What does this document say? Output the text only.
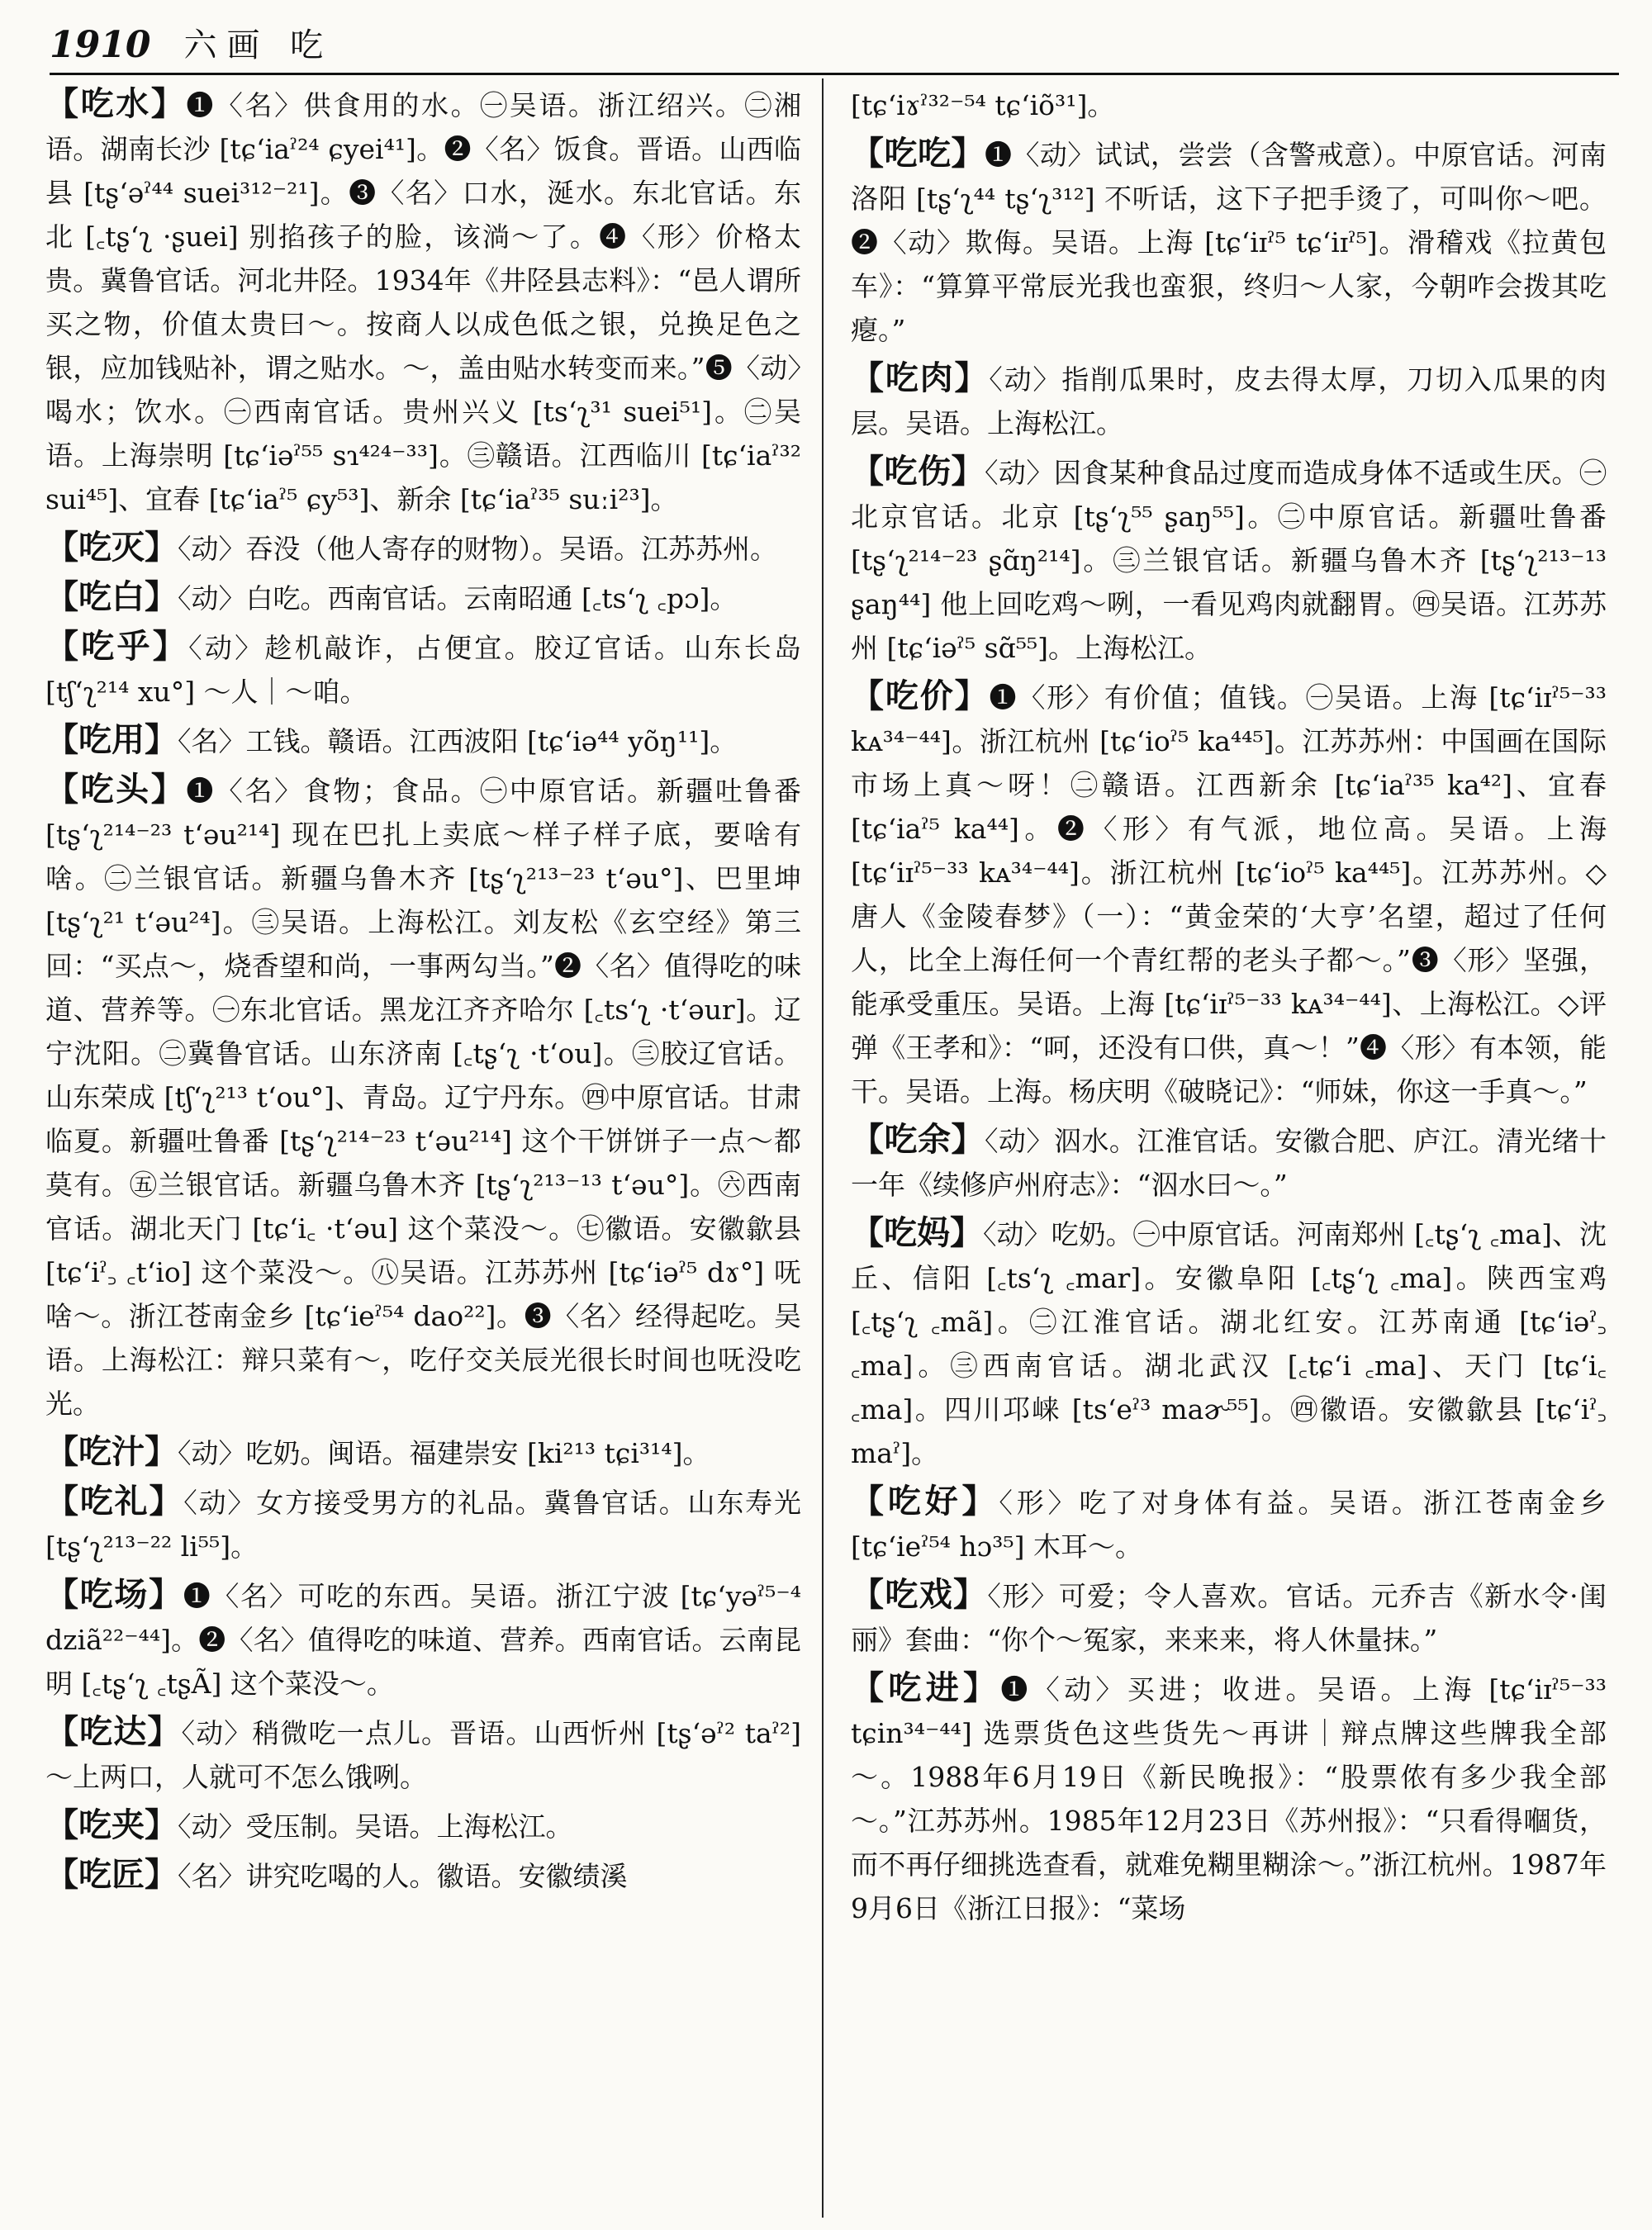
1910 六画 吃

【吃水】❶〈名〉供食用的水。㊀吴语。浙江绍兴。㊁湘语。湖南长沙 [tɕʻiaˀ²⁴ ɕyei⁴¹]。❷〈名〉饭食。晋语。山西临县 [tʂʻəˀ⁴⁴ suei³¹²⁻²¹]。❸〈名〉口水，涎水。东北官话。东北 [꜀tʂʻʅ ·ʂuei] 别掐孩子的脸，该淌～了。❹〈形〉价格太贵。冀鲁官话。河北井陉。1934年《井陉县志料》：“邑人谓所买之物，价值太贵曰～。按商人以成色低之银，兑换足色之银，应加钱贴补，谓之贴水。～，盖由贴水转变而来。”❺〈动〉喝水；饮水。㊀西南官话。贵州兴义 [tsʻʅ³¹ suei⁵¹]。㊁吴语。上海崇明 [tɕʻiəˀ⁵⁵ sɿ⁴²⁴⁻³³]。㊂赣语。江西临川 [tɕʻiaˀ³² sui⁴⁵]、宜春 [tɕʻiaˀ⁵ ɕy⁵³]、新余 [tɕʻiaˀ³⁵ suːi²³]。

【吃灭】〈动〉吞没（他人寄存的财物）。吴语。江苏苏州。

【吃白】〈动〉白吃。西南官话。云南昭通 [꜀tsʻʅ ꜀pɔ]。

【吃乎】〈动〉趁机敲诈，占便宜。胶辽官话。山东长岛 [tʃʻʅ²¹⁴ xu°] ～人｜～咱。

【吃用】〈名〉工钱。赣语。江西波阳 [tɕʻiə⁴⁴ yõŋ¹¹]。

【吃头】❶〈名〉食物；食品。㊀中原官话。新疆吐鲁番 [tʂʻʅ²¹⁴⁻²³ tʻəu²¹⁴] 现在巴扎上卖底～样子样子底，要啥有啥。㊁兰银官话。新疆乌鲁木齐 [tʂʻʅ²¹³⁻²³ tʻəu°]、巴里坤 [tʂʻʅ²¹ tʻəu²⁴]。㊂吴语。上海松江。刘友松《玄空经》第三回：“买点～，烧香望和尚，一事两勾当。”❷〈名〉值得吃的味道、营养等。㊀东北官话。黑龙江齐齐哈尔 [꜀tsʻʅ ·tʻəur]。辽宁沈阳。㊁冀鲁官话。山东济南 [꜀tʂʻʅ ·tʻou]。㊂胶辽官话。山东荣成 [tʃʻʅ²¹³ tʻou°]、青岛。辽宁丹东。㊃中原官话。甘肃临夏。新疆吐鲁番 [tʂʻʅ²¹⁴⁻²³ tʻəu²¹⁴] 这个干饼饼子一点～都莫有。㊄兰银官话。新疆乌鲁木齐 [tʂʻʅ²¹³⁻¹³ tʻəu°]。㊅西南官话。湖北天门 [tɕʻi꜀ ·tʻəu] 这个菜没～。㊆徽语。安徽歙县 [tɕʻiˀ꜆ ꜀tʻio] 这个菜没～。㊇吴语。江苏苏州 [tɕʻiəˀ⁵ dɤ°] 呒啥～。浙江苍南金乡 [tɕʻieˀ⁵⁴ dao²²]。❸〈名〉经得起吃。吴语。上海松江：辩只菜有～，吃仔交关辰光很长时间也呒没吃光。

【吃汁】〈动〉吃奶。闽语。福建崇安 [ki²¹³ tɕi³¹⁴]。

【吃礼】〈动〉女方接受男方的礼品。冀鲁官话。山东寿光 [tʂʻʅ²¹³⁻²² li⁵⁵]。

【吃场】❶〈名〉可吃的东西。吴语。浙江宁波 [tɕʻyəˀ⁵⁻⁴ dziã²²⁻⁴⁴]。❷〈名〉值得吃的味道、营养。西南官话。云南昆明 [꜀tʂʻʅ ꜀tʂÃ] 这个菜没～。

【吃达】〈动〉稍微吃一点儿。晋语。山西忻州 [tʂʻəˀ² taˀ²] ～上两口，人就可不怎么饿咧。

【吃夹】〈动〉受压制。吴语。上海松江。

【吃匠】〈名〉讲究吃喝的人。徽语。安徽绩溪

[tɕʻiɤˀ³²⁻⁵⁴ tɕʻiõ³¹]。

【吃吃】❶〈动〉试试，尝尝（含警戒意）。中原官话。河南洛阳 [tʂʻʅ⁴⁴ tʂʻʅ³¹²] 不听话，这下子把手烫了，可叫你～吧。❷〈动〉欺侮。吴语。上海 [tɕʻiɪˀ⁵ tɕʻiɪˀ⁵]。滑稽戏《拉黄包车》：“算算平常辰光我也蛮狠，终归～人家，今朝咋会拨其吃瘪。”

【吃肉】〈动〉指削瓜果时，皮去得太厚，刀切入瓜果的肉层。吴语。上海松江。

【吃伤】〈动〉因食某种食品过度而造成身体不适或生厌。㊀北京官话。北京 [tʂʻʅ⁵⁵ ʂaŋ⁵⁵]。㊁中原官话。新疆吐鲁番 [tʂʻʅ²¹⁴⁻²³ ʂɑ̃ŋ²¹⁴]。㊂兰银官话。新疆乌鲁木齐 [tʂʻʅ²¹³⁻¹³ ʂaŋ⁴⁴] 他上回吃鸡～咧，一看见鸡肉就翻胃。㊃吴语。江苏苏州 [tɕʻiəˀ⁵ sɑ̃⁵⁵]。上海松江。

【吃价】❶〈形〉有价值；值钱。㊀吴语。上海 [tɕʻiɪˀ⁵⁻³³ kᴀ³⁴⁻⁴⁴]。浙江杭州 [tɕʻioˀ⁵ ka⁴⁴⁵]。江苏苏州：中国画在国际市场上真～呀！㊁赣语。江西新余 [tɕʻiaˀ³⁵ ka⁴²]、宜春 [tɕʻiaˀ⁵ ka⁴⁴]。❷〈形〉有气派，地位高。吴语。上海 [tɕʻiɪˀ⁵⁻³³ kᴀ³⁴⁻⁴⁴]。浙江杭州 [tɕʻioˀ⁵ ka⁴⁴⁵]。江苏苏州。◇唐人《金陵春梦》（一）：“黄金荣的‘大亨’名望，超过了任何人，比全上海任何一个青红帮的老头子都～。”❸〈形〉坚强，能承受重压。吴语。上海 [tɕʻiɪˀ⁵⁻³³ kᴀ³⁴⁻⁴⁴]、上海松江。◇评弹《王孝和》：“呵，还没有口供，真～！”❹〈形〉有本领，能干。吴语。上海。杨庆明《破晓记》：“师妹，你这一手真～。”

【吃余】〈动〉泅水。江淮官话。安徽合肥、庐江。清光绪十一年《续修庐州府志》：“泅水曰～。”

【吃妈】〈动〉吃奶。㊀中原官话。河南郑州 [꜀tʂʻʅ ꜀ma]、沈丘、信阳 [꜀tsʻʅ ꜀mar]。安徽阜阳 [꜀tʂʻʅ ꜀ma]。陕西宝鸡 [꜀tʂʻʅ ꜀mã]。㊁江淮官话。湖北红安。江苏南通 [tɕʻiəˀ꜆ ꜀ma]。㊂西南官话。湖北武汉 [꜀tɕʻi ꜀ma]、天门 [tɕʻi꜀ ꜀ma]。四川邛崃 [tsʻeˀ³ maɚ⁵⁵]。㊃徽语。安徽歙县 [tɕʻiˀ꜆ maˀ]。

【吃好】〈形〉吃了对身体有益。吴语。浙江苍南金乡 [tɕʻieˀ⁵⁴ hɔ³⁵] 木耳～。

【吃戏】〈形〉可爱；令人喜欢。官话。元乔吉《新水令·闺丽》套曲：“你个～冤家，来来来，将人休量抹。”

【吃进】❶〈动〉买进；收进。吴语。上海 [tɕʻiɪˀ⁵⁻³³ tɕin³⁴⁻⁴⁴] 选票货色这些货先～再讲｜辩点牌这些牌我全部～。1988年6月19日《新民晚报》：“股票侬有多少我全部～。”江苏苏州。1985年12月23日《苏州报》：“只看得嗰货，而不再仔细挑选查看，就难免糊里糊涂～。”浙江杭州。1987年9月6日《浙江日报》：“菜场
